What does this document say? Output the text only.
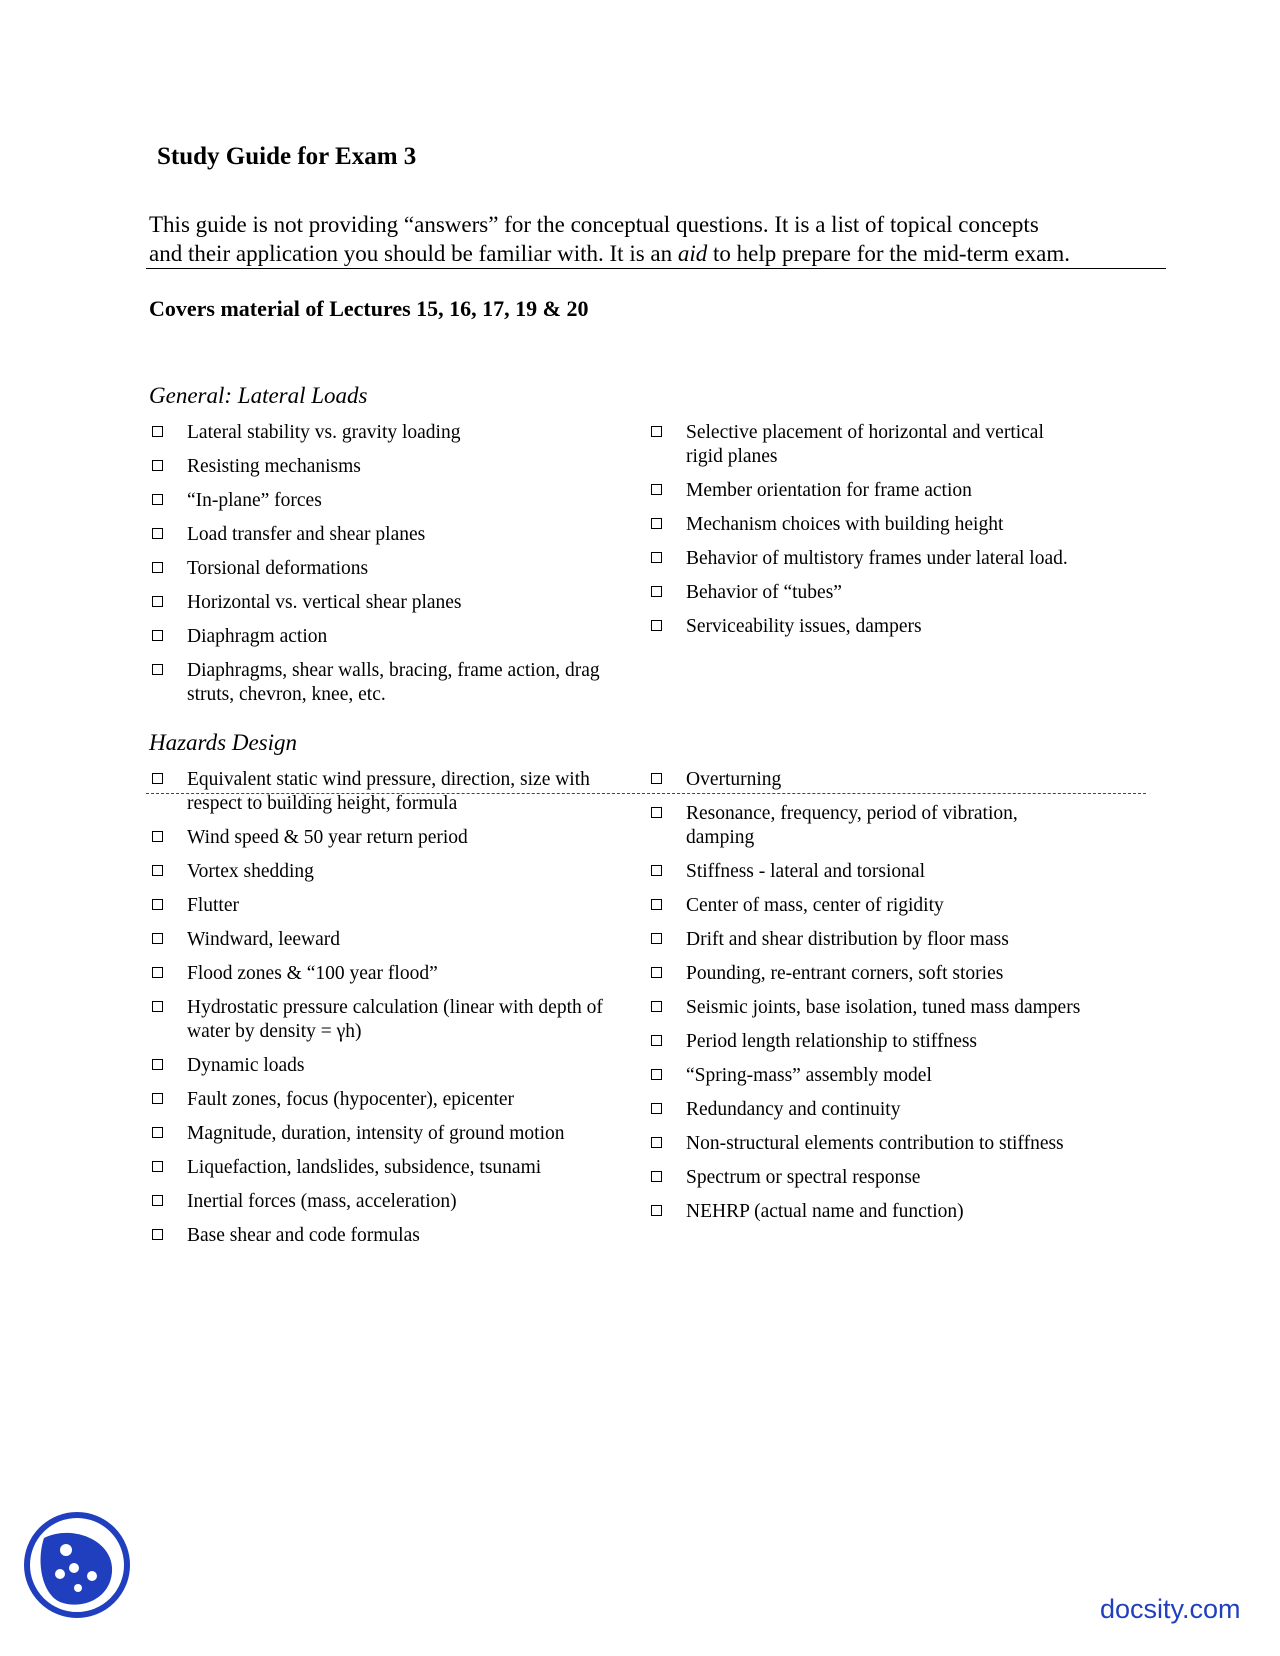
Study Guide for Exam 3

This guide is not providing “answers” for the conceptual questions. It is a list of topical concepts

and their application you should be familiar with. It is an aid to help prepare for the mid-term exam.

Covers material of Lectures 15, 16, 17, 19 & 20
General: Lateral Loads
Lateral stability vs. gravity loading
Resisting mechanisms
“In-plane” forces
Load transfer and shear planes
Torsional deformations
Horizontal vs. vertical shear planes
Diaphragm action
Diaphragms, shear walls, bracing, frame action, drag struts, chevron, knee, etc.
Selective placement of horizontal and vertical rigid planes
Member orientation for frame action
Mechanism choices with building height
Behavior of multistory frames under lateral load.
Behavior of “tubes”
Serviceability issues, dampers
Hazards Design
Equivalent static wind pressure, direction, size with respect to building height, formula
Wind speed & 50 year return period
Vortex shedding
Flutter
Windward, leeward
Flood zones & “100 year flood”
Hydrostatic pressure calculation (linear with depth of water by density = γh)
Dynamic loads
Fault zones, focus (hypocenter), epicenter
Magnitude, duration, intensity of ground motion
Liquefaction, landslides, subsidence, tsunami
Inertial forces (mass, acceleration)
Base shear and code formulas
Overturning
Resonance, frequency, period of vibration, damping
Stiffness - lateral and torsional
Center of mass, center of rigidity
Drift and shear distribution by floor mass
Pounding, re-entrant corners, soft stories
Seismic joints, base isolation, tuned mass dampers
Period length relationship to stiffness
“Spring-mass” assembly model
Redundancy and continuity
Non-structural elements contribution to stiffness
Spectrum or spectral response
NEHRP (actual name and function)
docsity.com
